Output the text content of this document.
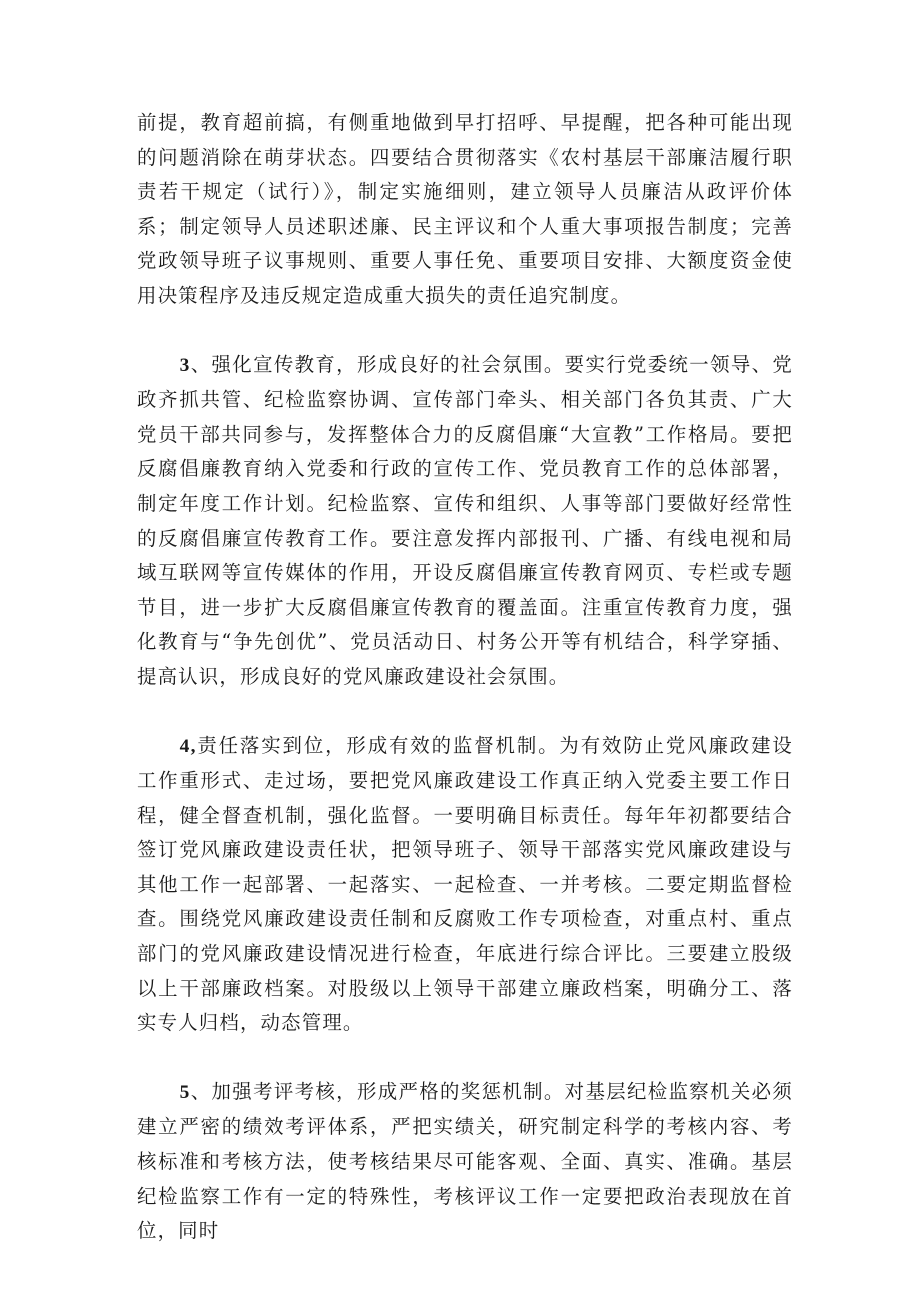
前提，教育超前搞，有侧重地做到早打招呼、早提醒，把各种可能出现的问题消除在萌芽状态。四要结合贯彻落实《农村基层干部廉洁履行职责若干规定（试行）》，制定实施细则，建立领导人员廉洁从政评价体系；制定领导人员述职述廉、民主评议和个人重大事项报告制度；完善党政领导班子议事规则、重要人事任免、重要项目安排、大额度资金使用决策程序及违反规定造成重大损失的责任追究制度。

3、强化宣传教育，形成良好的社会氛围。要实行党委统一领导、党政齐抓共管、纪检监察协调、宣传部门牵头、相关部门各负其责、广大党员干部共同参与，发挥整体合力的反腐倡廉“大宣教”工作格局。要把反腐倡廉教育纳入党委和行政的宣传工作、党员教育工作的总体部署，制定年度工作计划。纪检监察、宣传和组织、人事等部门要做好经常性的反腐倡廉宣传教育工作。要注意发挥内部报刊、广播、有线电视和局域互联网等宣传媒体的作用，开设反腐倡廉宣传教育网页、专栏或专题节目，进一步扩大反腐倡廉宣传教育的覆盖面。注重宣传教育力度，强化教育与“争先创优”、党员活动日、村务公开等有机结合，科学穿插、提高认识，形成良好的党风廉政建设社会氛围。

4,责任落实到位，形成有效的监督机制。为有效防止党风廉政建设工作重形式、走过场，要把党风廉政建设工作真正纳入党委主要工作日程，健全督查机制，强化监督。一要明确目标责任。每年年初都要结合签订党风廉政建设责任状，把领导班子、领导干部落实党风廉政建设与其他工作一起部署、一起落实、一起检查、一并考核。二要定期监督检查。围绕党风廉政建设责任制和反腐败工作专项检查，对重点村、重点部门的党风廉政建设情况进行检查，年底进行综合评比。三要建立股级以上干部廉政档案。对股级以上领导干部建立廉政档案，明确分工、落实专人归档，动态管理。

5、加强考评考核，形成严格的奖惩机制。对基层纪检监察机关必须建立严密的绩效考评体系，严把实绩关，研究制定科学的考核内容、考核标准和考核方法，使考核结果尽可能客观、全面、真实、准确。基层纪检监察工作有一定的特殊性，考核评议工作一定要把政治表现放在首位，同时
